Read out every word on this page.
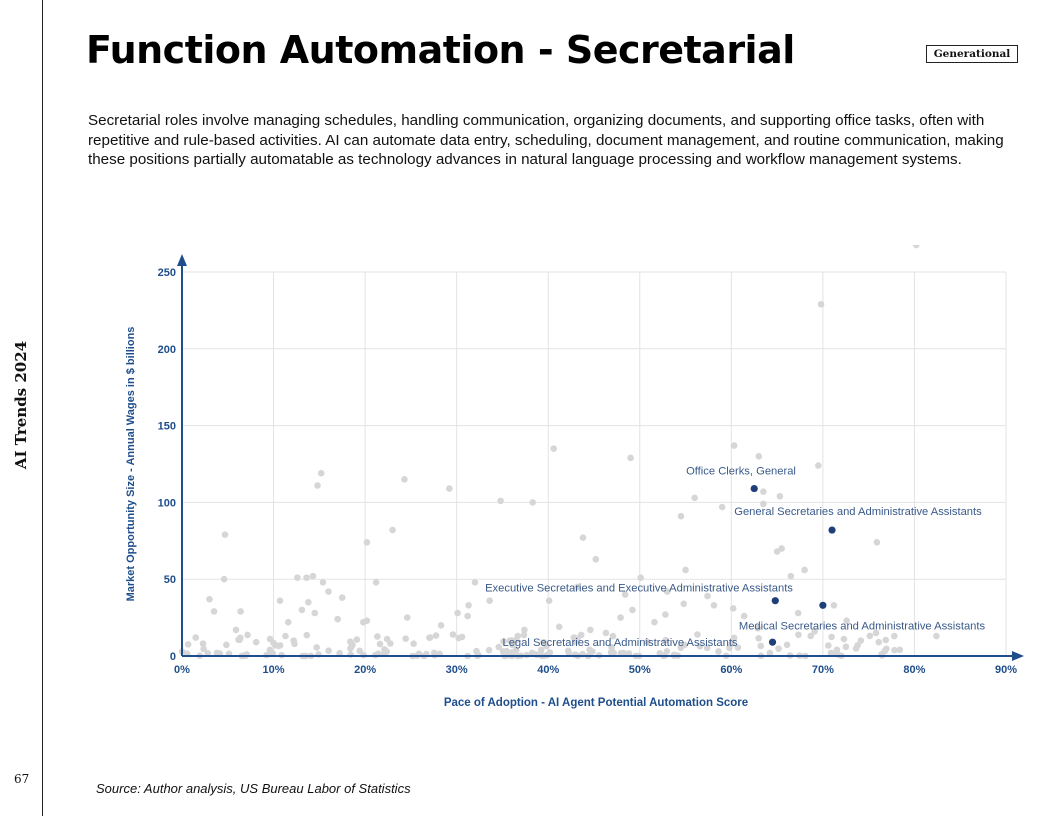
AI Trends 2024
67
Function Automation - Secretarial	Generational

Secretarial roles involve managing schedules, handling communication, organizing documents, and supporting office tasks, often with repetitive and rule-based activities. AI can automate data entry, scheduling, document management, and routine communication, making these positions partially automatable as technology advances in natural language processing and workflow management systems.

0%	10%	20%	30%	40%	50%	60%	70%	80%	90%
0
50
100
150
200
250
Office Clerks, General
General Secretaries and Administrative Assistants
Executive Secretaries and Executive Administrative Assistants
Medical Secretaries and Administrative Assistants
Legal Secretaries and Administrative Assistants
Pace of Adoption - AI Agent Potential Automation Score
Market Opportunity Size - Annual Wages in $ billions

Source: Author analysis, US Bureau Labor of Statistics
